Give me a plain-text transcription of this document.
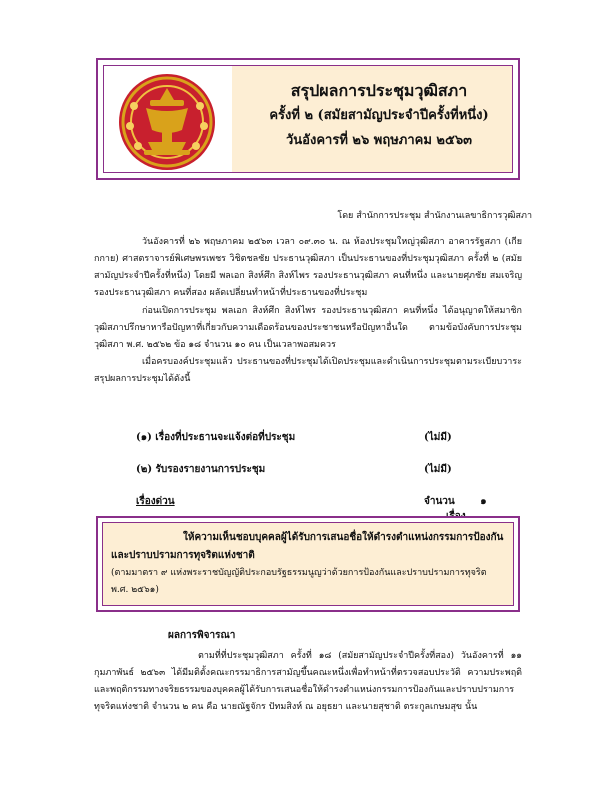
สรุปผลการประชุมวุฒิสภา
ครั้งที่ ๒ (สมัยสามัญประจำปีครั้งที่หนึ่ง)
วันอังคารที่ ๒๖ พฤษภาคม ๒๕๖๓
โดย สำนักการประชุม สำนักงานเลขาธิการวุฒิสภา
วันอังคารที่ ๒๖ พฤษภาคม ๒๕๖๓ เวลา ๐๙.๓๐ น. ณ ห้องประชุมใหญ่วุฒิสภา อาคารรัฐสภา (เกียกกาย) ศาสตราจารย์พิเศษพรเพชร วิชิตชลชัย ประธานวุฒิสภา เป็นประธานของที่ประชุมวุฒิสภา ครั้งที่ ๒ (สมัยสามัญประจำปีครั้งที่หนึ่ง) โดยมี พลเอก สิงห์ศึก สิงห์ไพร รองประธานวุฒิสภา คนที่หนึ่ง และนายศุภชัย สมเจริญ รองประธานวุฒิสภา คนที่สอง ผลัดเปลี่ยนทำหน้าที่ประธานของที่ประชุม
ก่อนเปิดการประชุม พลเอก สิงห์ศึก สิงห์ไพร รองประธานวุฒิสภา คนที่หนึ่ง ได้อนุญาตให้สมาชิกวุฒิสภาปรึกษาหารือปัญหาที่เกี่ยวกับความเดือดร้อนของประชาชนหรือปัญหาอื่นใด ตามข้อบังคับการประชุมวุฒิสภา พ.ศ. ๒๕๖๒ ข้อ ๑๘ จำนวน ๑๐ คน เป็นเวลาพอสมควร
เมื่อครบองค์ประชุมแล้ว ประธานของที่ประชุมได้เปิดประชุมและดำเนินการประชุมตามระเบียบวาระ สรุปผลการประชุมได้ดังนี้
(๑) เรื่องที่ประธานจะแจ้งต่อที่ประชุม	(ไม่มี)
(๒) รับรองรายงานการประชุม	(ไม่มี)
เรื่องด่วน	จำนวน	๑
ให้ความเห็นชอบบุคคลผู้ได้รับการเสนอชื่อให้ดำรงตำแหน่งกรรมการป้องกันและปราบปรามการทุจริตแห่งชาติ
(ตามมาตรา ๙ แห่งพระราชบัญญัติประกอบรัฐธรรมนูญว่าด้วยการป้องกันและปราบปรามการทุจริต พ.ศ. ๒๕๖๑)
ผลการพิจารณา
ตามที่ที่ประชุมวุฒิสภา ครั้งที่ ๑๘ (สมัยสามัญประจำปีครั้งที่สอง) วันอังคารที่ ๑๑ กุมภาพันธ์ ๒๕๖๓ ได้มีมติตั้งคณะกรรมาธิการสามัญขึ้นคณะหนึ่งเพื่อทำหน้าที่ตรวจสอบประวัติ ความประพฤติ และพฤติกรรมทางจริยธรรมของบุคคลผู้ได้รับการเสนอชื่อให้ดำรงตำแหน่งกรรมการป้องกันและปราบปรามการทุจริตแห่งชาติ จำนวน ๒ คน คือ นายณัฐจักร ปัทมสิงห์ ณ อยุธยา และนายสุชาติ ตระกูลเกษมสุข นั้น
